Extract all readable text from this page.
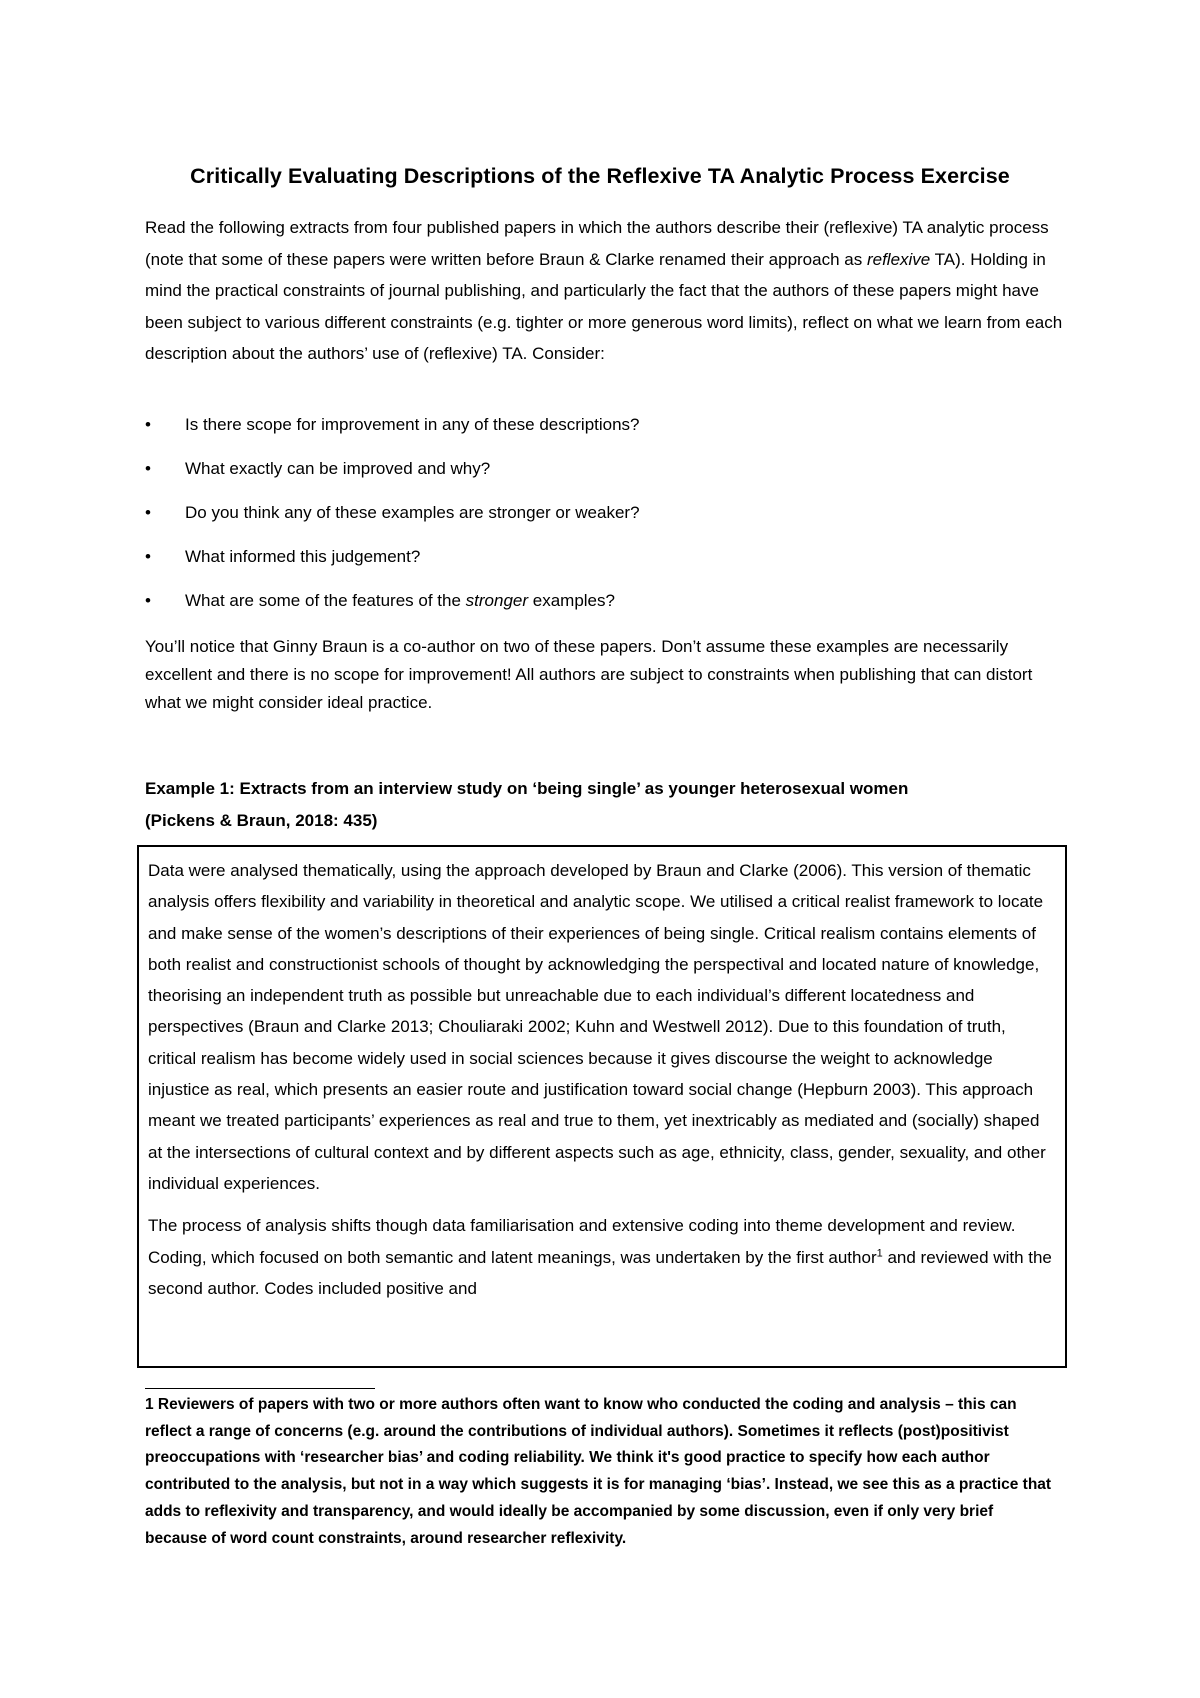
Critically Evaluating Descriptions of the Reflexive TA Analytic Process Exercise

Read the following extracts from four published papers in which the authors describe their (reflexive) TA analytic process (note that some of these papers were written before Braun & Clarke renamed their approach as reflexive TA). Holding in mind the practical constraints of journal publishing, and particularly the fact that the authors of these papers might have been subject to various different constraints (e.g. tighter or more generous word limits), reflect on what we learn from each description about the authors’ use of (reflexive) TA. Consider:

• Is there scope for improvement in any of these descriptions?
• What exactly can be improved and why?
• Do you think any of these examples are stronger or weaker?
• What informed this judgement?
• What are some of the features of the stronger examples?

You’ll notice that Ginny Braun is a co-author on two of these papers. Don’t assume these examples are necessarily excellent and there is no scope for improvement! All authors are subject to constraints when publishing that can distort what we might consider ideal practice.

Example 1: Extracts from an interview study on ‘being single’ as younger heterosexual women
(Pickens & Braun, 2018: 435)

Data were analysed thematically, using the approach developed by Braun and Clarke (2006). This version of thematic analysis offers flexibility and variability in theoretical and analytic scope. We utilised a critical realist framework to locate and make sense of the women’s descriptions of their experiences of being single. Critical realism contains elements of both realist and constructionist schools of thought by acknowledging the perspectival and located nature of knowledge, theorising an independent truth as possible but unreachable due to each individual’s different locatedness and perspectives (Braun and Clarke 2013; Chouliaraki 2002; Kuhn and Westwell 2012). Due to this foundation of truth, critical realism has become widely used in social sciences because it gives discourse the weight to acknowledge injustice as real, which presents an easier route and justification toward social change (Hepburn 2003). This approach meant we treated participants’ experiences as real and true to them, yet inextricably as mediated and (socially) shaped at the intersections of cultural context and by different aspects such as age, ethnicity, class, gender, sexuality, and other individual experiences.

The process of analysis shifts though data familiarisation and extensive coding into theme development and review. Coding, which focused on both semantic and latent meanings, was undertaken by the first author$^1$ and reviewed with the second author. Codes included positive and

1 Reviewers of papers with two or more authors often want to know who conducted the coding and analysis – this can reflect a range of concerns (e.g. around the contributions of individual authors). Sometimes it reflects (post)positivist preoccupations with ‘researcher bias’ and coding reliability. We think it's good practice to specify how each author contributed to the analysis, but not in a way which suggests it is for managing ‘bias’. Instead, we see this as a practice that adds to reflexivity and transparency, and would ideally be accompanied by some discussion, even if only very brief because of word count constraints, around researcher reflexivity.
